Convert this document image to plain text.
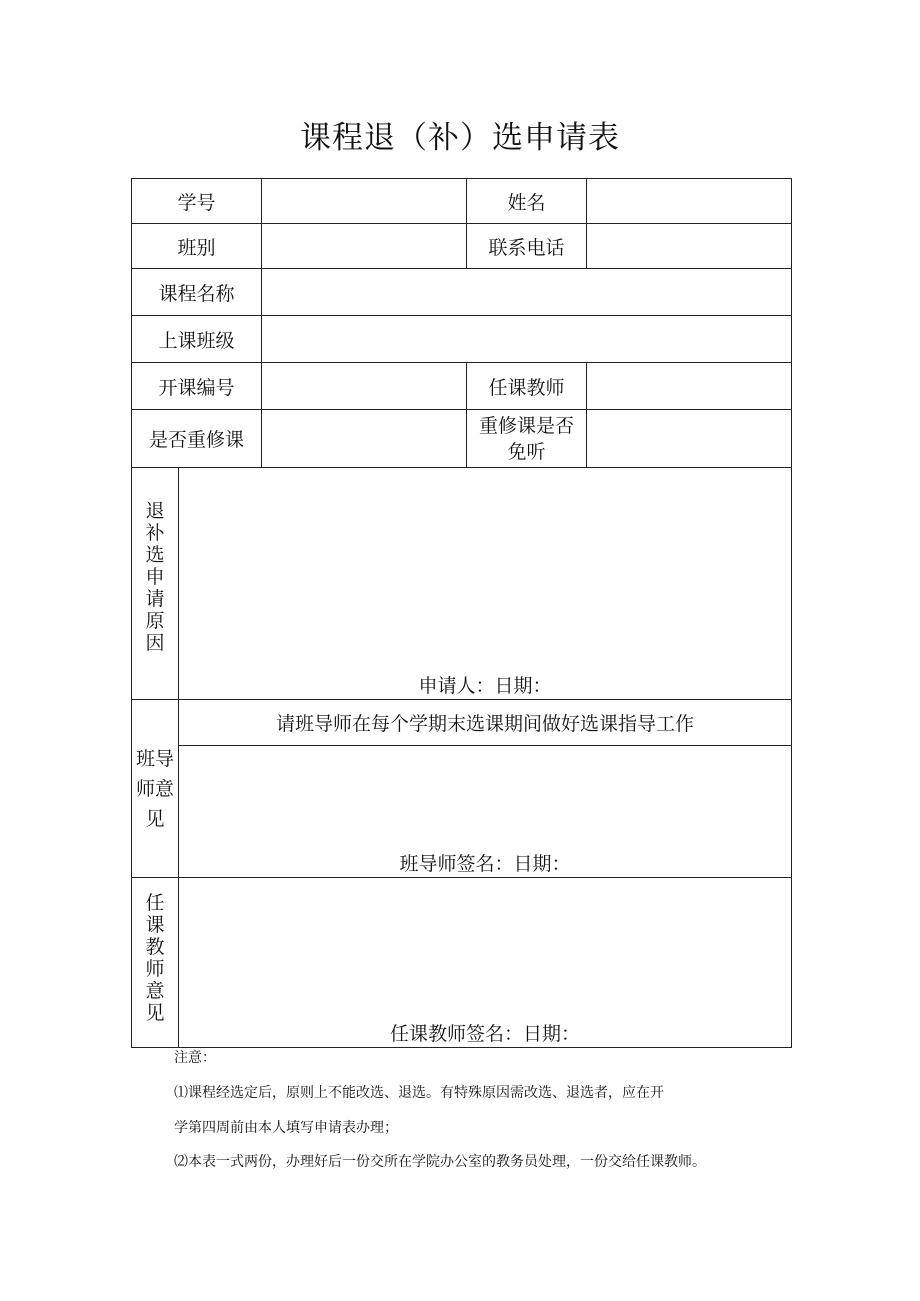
课程退（补）选申请表
学号			姓名	
班别			联系电话	
课程名称				
上课班级				
开课编号			任课教师	
是否重修课			重修课是否
免听	

退补选申请原因	申请人：日期：			

班导师意见	请班导师在每个学期末选课期间做好选课指导工作			

	班导师签名：日期：			

任课教师意见	任课教师签名：日期：			
注意：
⑴课程经选定后，原则上不能改选、退选。有特殊原因需改选、退选者，应在开
学第四周前由本人填写申请表办理；
⑵本表一式两份，办理好后一份交所在学院办公室的教务员处理，一份交给任课教师。
